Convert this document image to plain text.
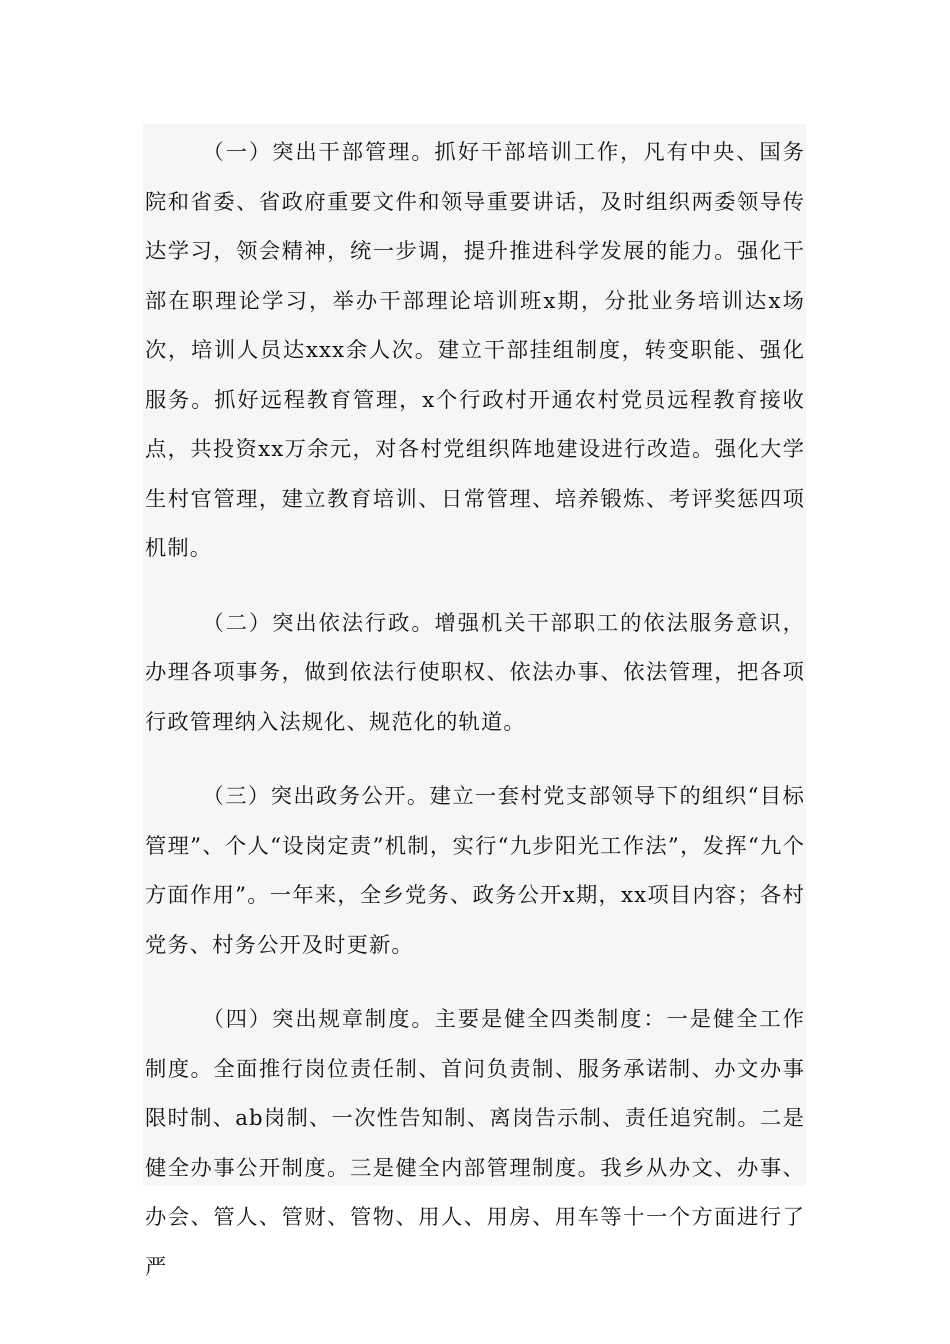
（一）突出干部管理。抓好干部培训工作，凡有中央、国务院和省委、省政府重要文件和领导重要讲话，及时组织两委领导传达学习，领会精神，统一步调，提升推进科学发展的能力。强化干部在职理论学习，举办干部理论培训班x期，分批业务培训达x场次，培训人员达xxx余人次。建立干部挂组制度，转变职能、强化服务。抓好远程教育管理，x个行政村开通农村党员远程教育接收点，共投资xx万余元，对各村党组织阵地建设进行改造。强化大学生村官管理，建立教育培训、日常管理、培养锻炼、考评奖惩四项机制。

（二）突出依法行政。增强机关干部职工的依法服务意识，办理各项事务，做到依法行使职权、依法办事、依法管理，把各项行政管理纳入法规化、规范化的轨道。

（三）突出政务公开。建立一套村党支部领导下的组织“目标管理”、个人“设岗定责”机制，实行“九步阳光工作法”，发挥“九个方面作用”。一年来，全乡党务、政务公开x期，xx项目内容；各村党务、村务公开及时更新。

（四）突出规章制度。主要是健全四类制度：一是健全工作制度。全面推行岗位责任制、首问负责制、服务承诺制、办文办事限时制、ab岗制、一次性告知制、离岗告示制、责任追究制。二是健全办事公开制度。三是健全内部管理制度。我乡从办文、办事、办会、管人、管财、管物、用人、用房、用车等十一个方面进行了严
